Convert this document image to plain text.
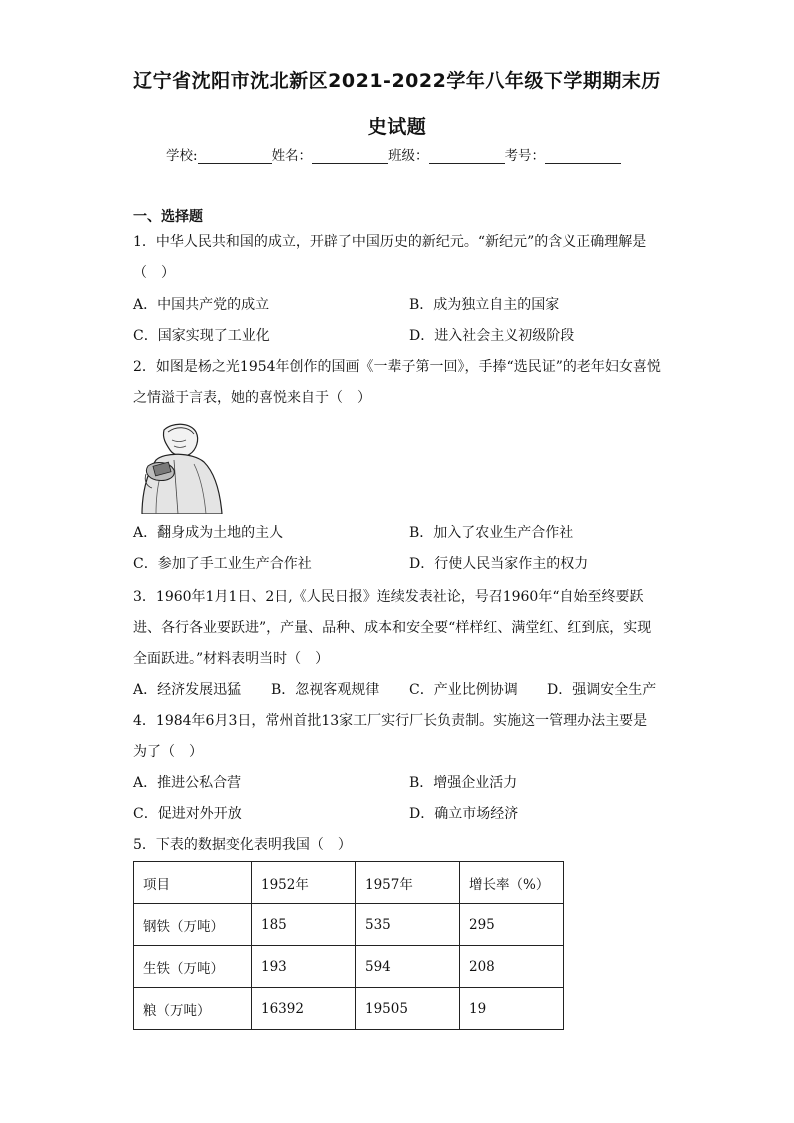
辽宁省沈阳市沈北新区2021-2022学年八年级下学期期末历
史试题
学校:	姓名：	班级：	考号：
一、选择题
1．中华人民共和国的成立，开辟了中国历史的新纪元。“新纪元”的含义正确理解是
（　）
A．中国共产党的成立	B．成为独立自主的国家
C．国家实现了工业化	D．进入社会主义初级阶段
2．如图是杨之光1954年创作的国画《一辈子第一回》，手捧“选民证”的老年妇女喜悦
之情溢于言表，她的喜悦来自于（　）
A．翻身成为土地的主人	B．加入了农业生产合作社
C．参加了手工业生产合作社	D．行使人民当家作主的权力
3．1960年1月1日、2日,《人民日报》连续发表社论，号召1960年“自始至终要跃
进、各行各业要跃进”，产量、品种、成本和安全要“样样红、满堂红、红到底，实现
全面跃进。”材料表明当时（　）
A．经济发展迅猛 B．忽视客观规律 C．产业比例协调 D．强调安全生产
4．1984年6月3日，常州首批13家工厂实行厂长负责制。实施这一管理办法主要是
为了（　）
A．推进公私合营	B．增强企业活力
C．促进对外开放	D．确立市场经济
5．下表的数据变化表明我国（　）
项目	1952年	1957年	增长率（%）
钢铁（万吨）	185	535	295
生铁（万吨）	193	594	208
粮（万吨）	16392	19505	19
